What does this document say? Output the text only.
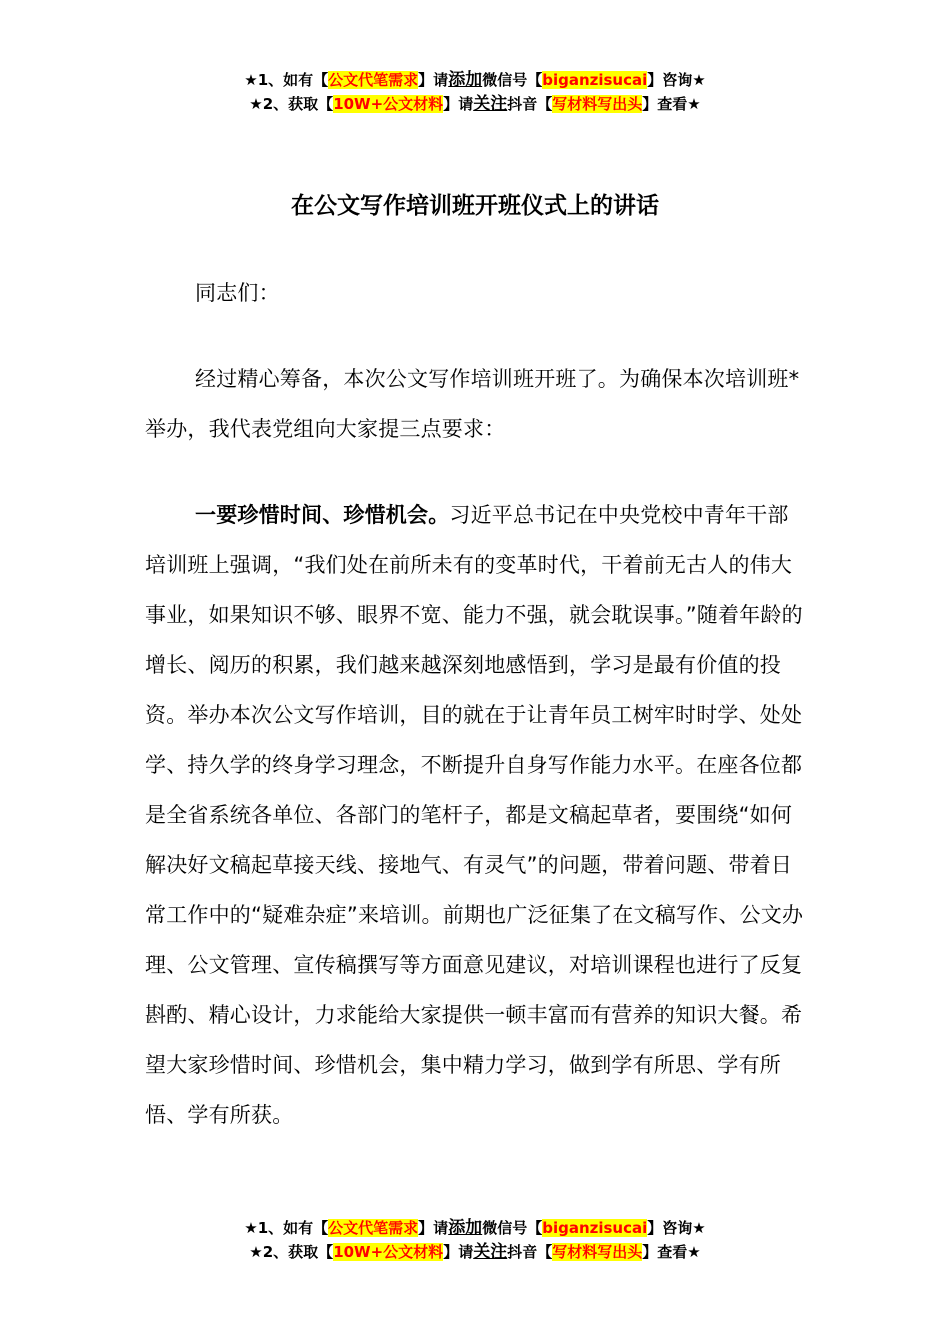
★1、如有【公文代笔需求】请添加微信号【biganzisucai】咨询★
★2、获取【10W+公文材料】请关注抖音【写材料写出头】查看★
在公文写作培训班开班仪式上的讲话

同志们：

经过精心筹备，本次公文写作培训班开班了。为确保本次培训班*举办，我代表党组向大家提三点要求：

一要珍惜时间、珍惜机会。习近平总书记在中央党校中青年干部培训班上强调，“我们处在前所未有的变革时代，干着前无古人的伟大事业，如果知识不够、眼界不宽、能力不强，就会耽误事。”随着年龄的增长、阅历的积累，我们越来越深刻地感悟到，学习是最有价值的投资。举办本次公文写作培训，目的就在于让青年员工树牢时时学、处处学、持久学的终身学习理念，不断提升自身写作能力水平。在座各位都是全省系统各单位、各部门的笔杆子，都是文稿起草者，要围绕“如何解决好文稿起草接天线、接地气、有灵气”的问题，带着问题、带着日常工作中的“疑难杂症”来培训。前期也广泛征集了在文稿写作、公文办理、公文管理、宣传稿撰写等方面意见建议，对培训课程也进行了反复斟酌、精心设计，力求能给大家提供一顿丰富而有营养的知识大餐。希望大家珍惜时间、珍惜机会，集中精力学习，做到学有所思、学有所悟、学有所获。

★1、如有【公文代笔需求】请添加微信号【biganzisucai】咨询★
★2、获取【10W+公文材料】请关注抖音【写材料写出头】查看★
